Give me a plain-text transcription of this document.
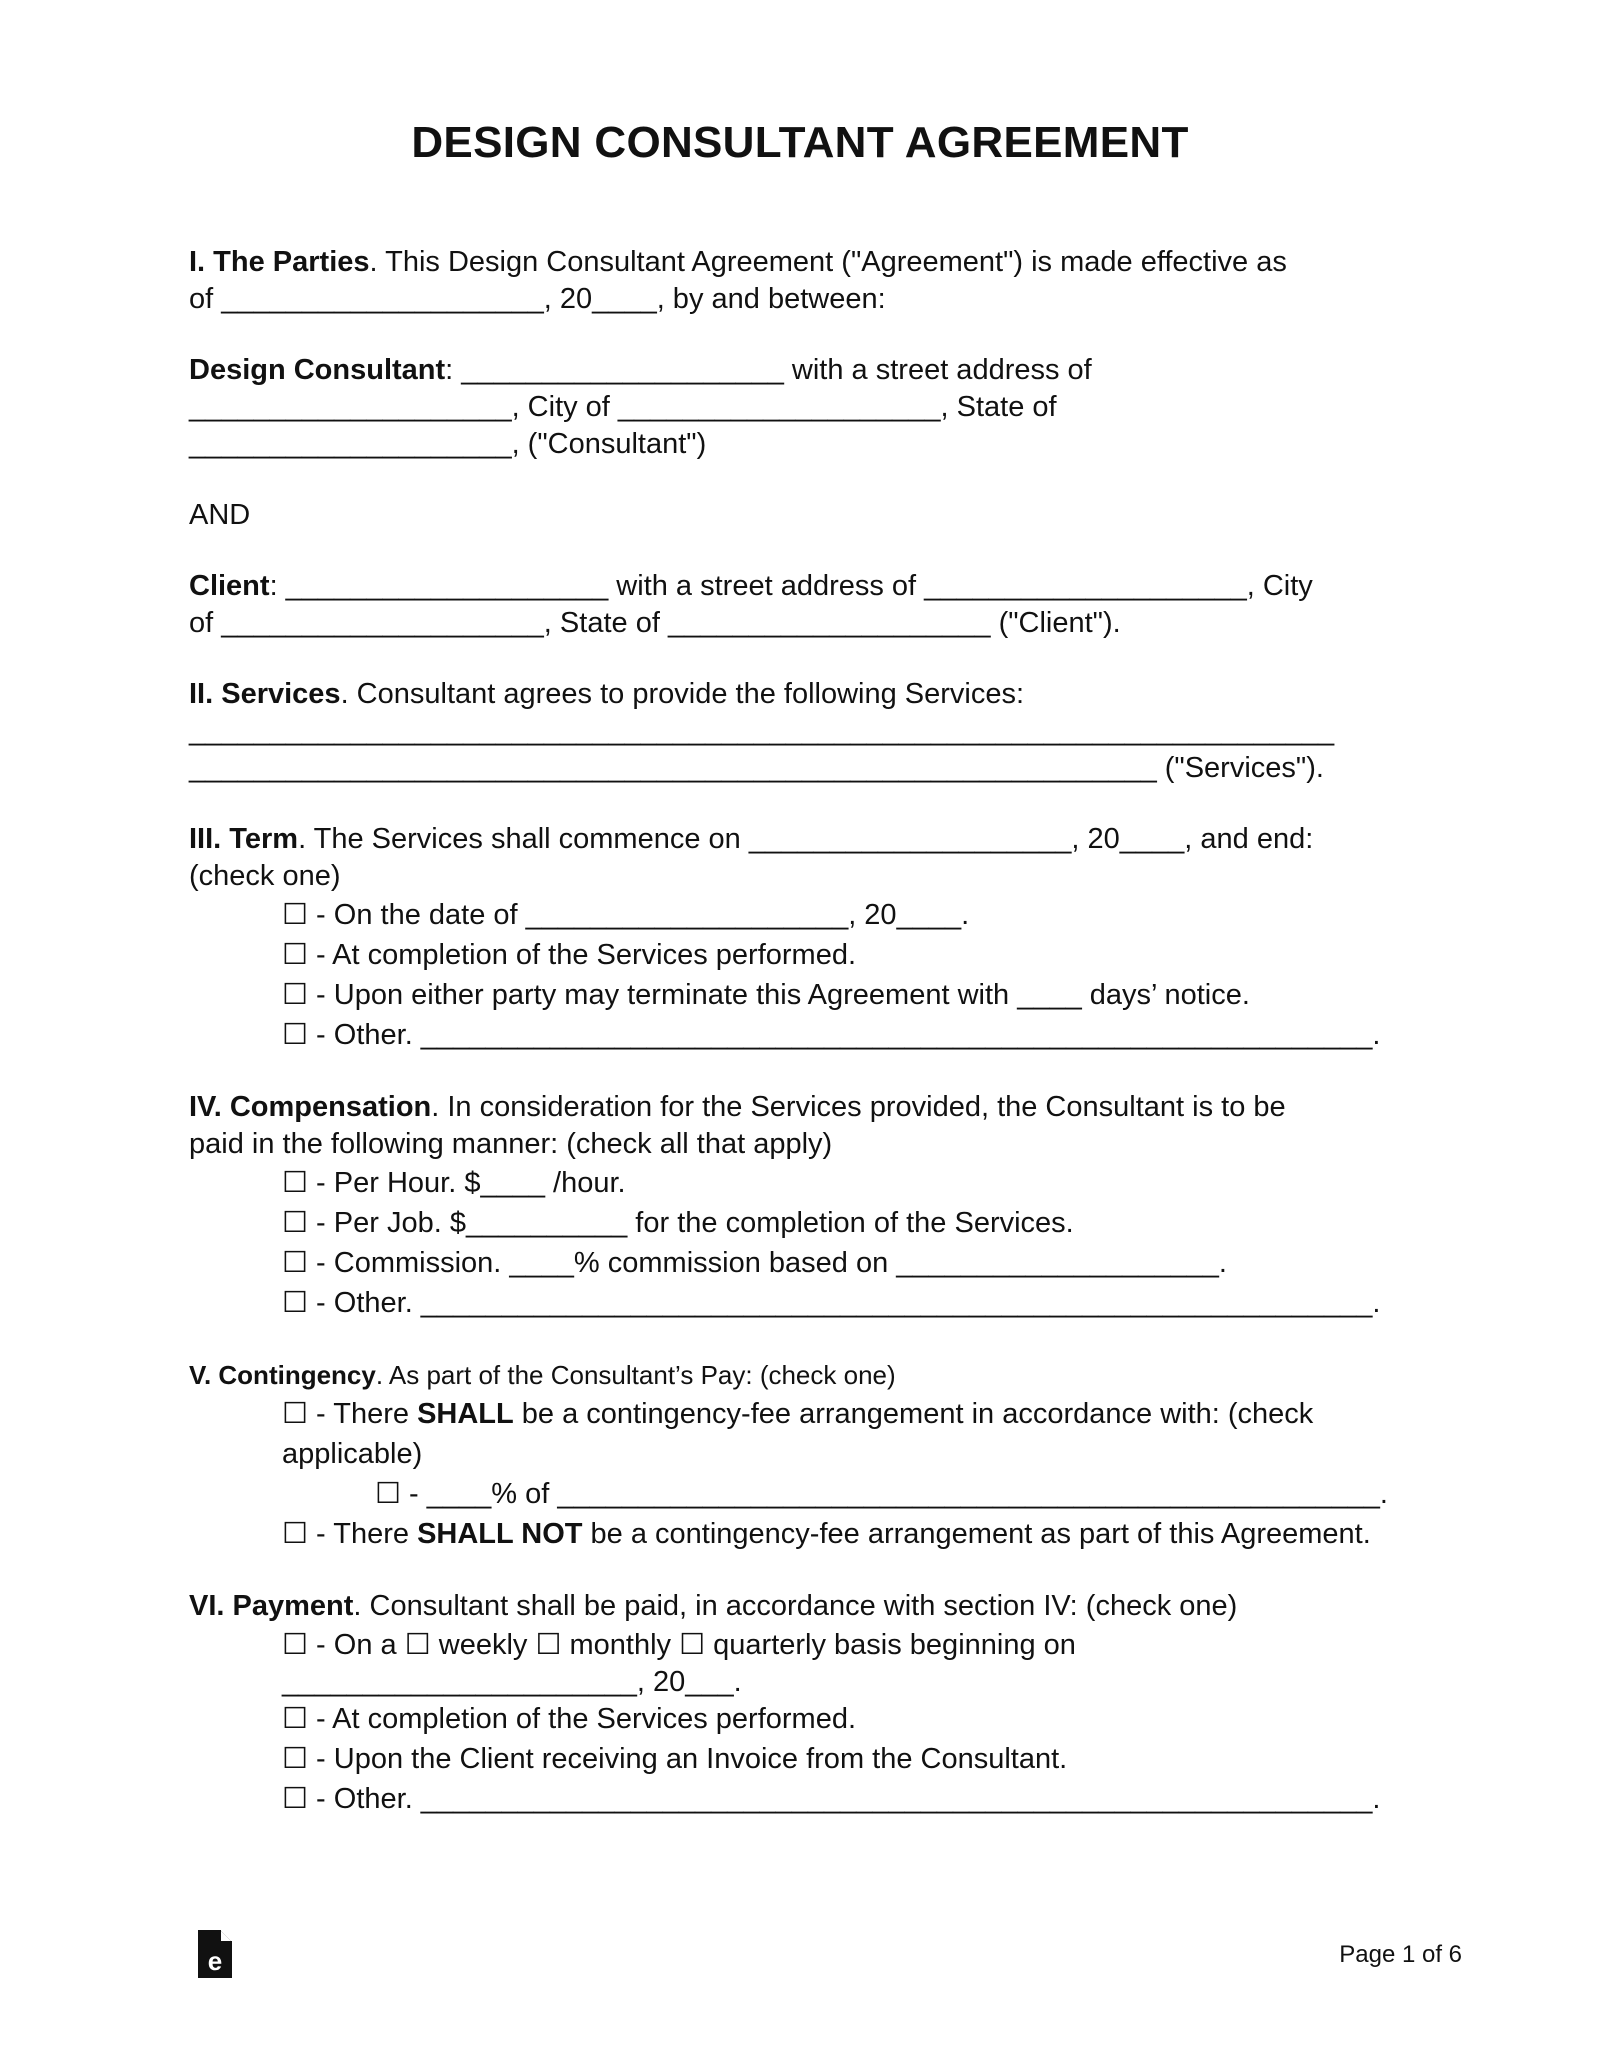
DESIGN CONSULTANT AGREEMENT
I. The Parties. This Design Consultant Agreement ("Agreement") is made effective as
of ____________________, 20____, by and between:
Design Consultant: ____________________ with a street address of
____________________, City of ____________________, State of
____________________, ("Consultant")
AND
Client: ____________________ with a street address of ____________________, City
of ____________________, State of ____________________ ("Client").
II. Services. Consultant agrees to provide the following Services:
_______________________________________________________________________
____________________________________________________________ ("Services").
III. Term. The Services shall commence on ____________________, 20____, and end:
(check one)
☐ - On the date of ____________________, 20____.
☐ - At completion of the Services performed.
☐ - Upon either party may terminate this Agreement with ____ days’ notice.
☐ - Other. ___________________________________________________________.
IV. Compensation. In consideration for the Services provided, the Consultant is to be
paid in the following manner: (check all that apply)
☐ - Per Hour. $____ /hour.
☐ - Per Job. $__________ for the completion of the Services.
☐ - Commission. ____% commission based on ____________________.
☐ - Other. ___________________________________________________________.
V. Contingency. As part of the Consultant’s Pay: (check one)
☐ - There SHALL be a contingency-fee arrangement in accordance with: (check applicable)
☐ - ____% of ___________________________________________________.
☐ - There SHALL NOT be a contingency-fee arrangement as part of this Agreement.
VI. Payment. Consultant shall be paid, in accordance with section IV: (check one)
☐ - On a ☐ weekly ☐ monthly ☐ quarterly basis beginning on
______________________, 20___.
☐ - At completion of the Services performed.
☐ - Upon the Client receiving an Invoice from the Consultant.
☐ - Other. ___________________________________________________________.
e	Page 1 of 6
